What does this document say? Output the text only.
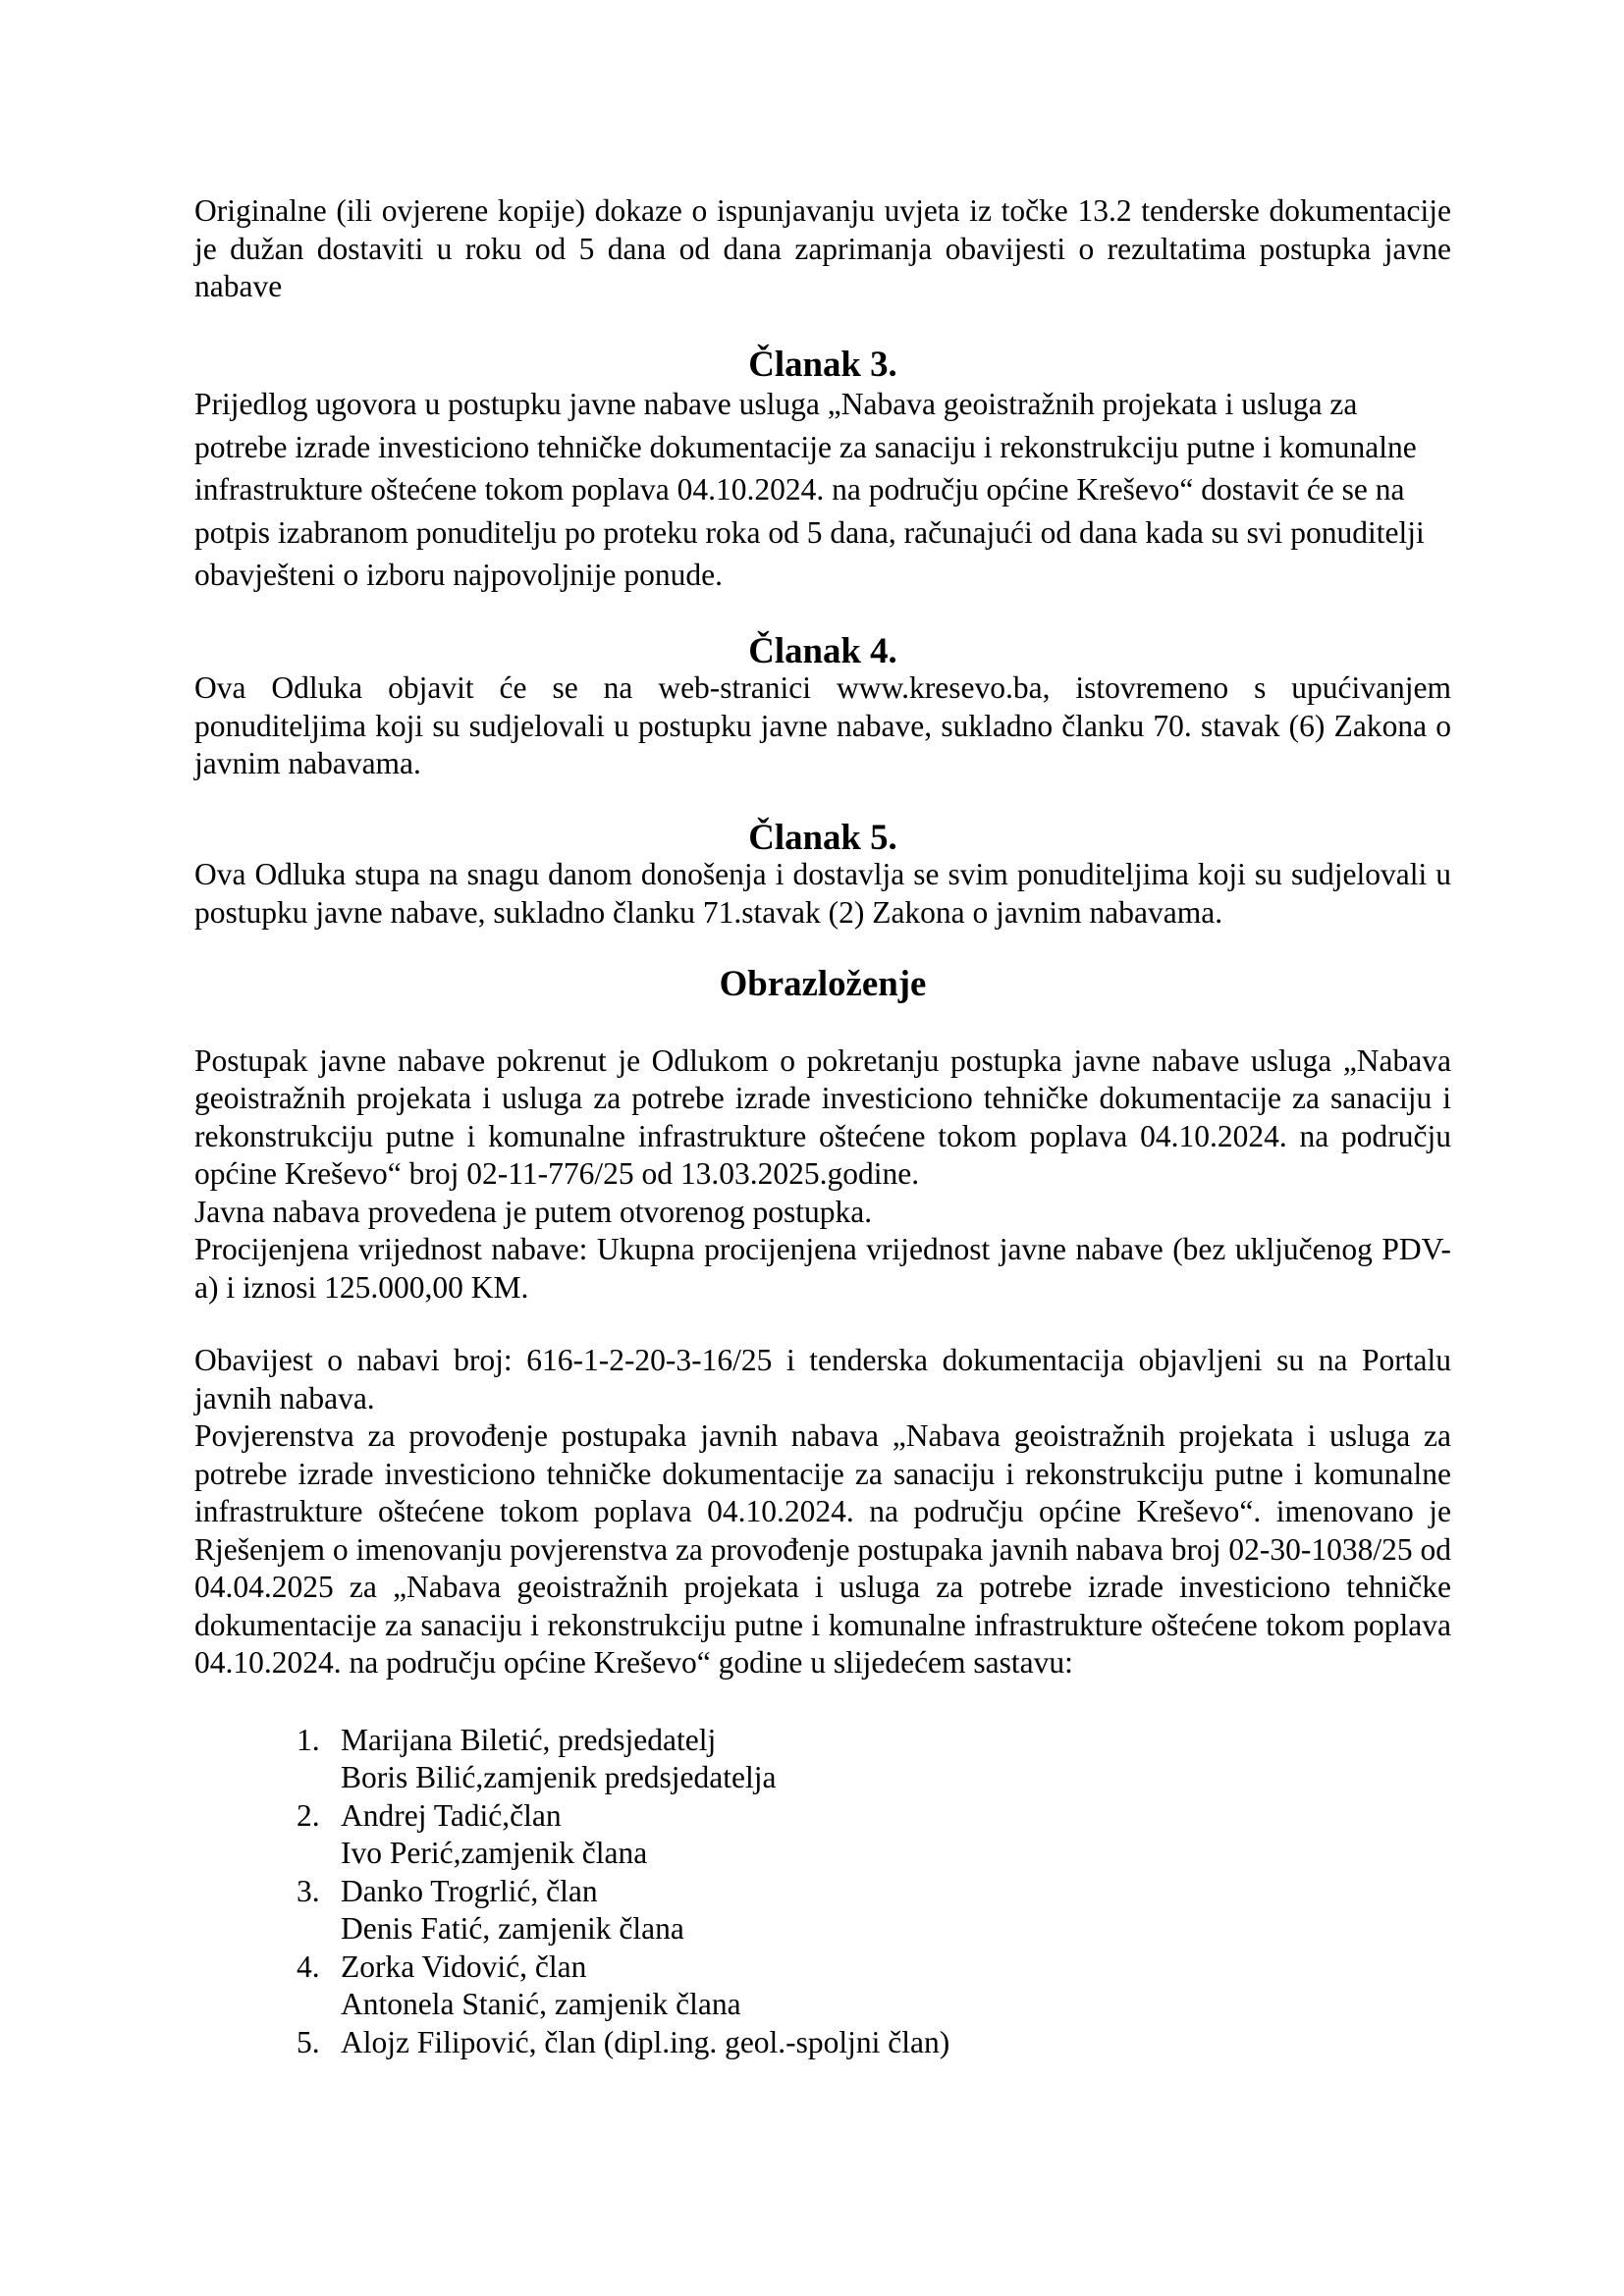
Originalne (ili ovjerene kopije) dokaze o ispunjavanju uvjeta iz točke 13.2 tenderske dokumentacije je dužan dostaviti u roku od 5 dana od dana zaprimanja obavijesti o rezultatima postupka javne nabave

Članak 3.

Prijedlog ugovora u postupku javne nabave usluga „Nabava geoistražnih projekata i usluga za potrebe izrade investiciono tehničke dokumentacije za sanaciju i rekonstrukciju putne i komunalne infrastrukture oštećene tokom poplava 04.10.2024. na području općine Kreševo“ dostavit će se na potpis izabranom ponuditelju po proteku roka od 5 dana, računajući od dana kada su svi ponuditelji obavješteni o izboru najpovoljnije ponude.

Članak 4.

Ova Odluka objavit će se na web-stranici www.kresevo.ba, istovremeno s upućivanjem ponuditeljima koji su sudjelovali u postupku javne nabave, sukladno članku 70. stavak (6) Zakona o javnim nabavama.

Članak 5.

Ova Odluka stupa na snagu danom donošenja i dostavlja se svim ponuditeljima koji su sudjelovali u postupku javne nabave, sukladno članku 71.stavak (2) Zakona o javnim nabavama.

Obrazloženje

Postupak javne nabave pokrenut je Odlukom o pokretanju postupka javne nabave usluga „Nabava geoistražnih projekata i usluga za potrebe izrade investiciono tehničke dokumentacije za sanaciju i rekonstrukciju putne i komunalne infrastrukture oštećene tokom poplava 04.10.2024. na području općine Kreševo“ broj 02-11-776/25 od 13.03.2025.godine.

Javna nabava provedena je putem otvorenog postupka.

Procijenjena vrijednost nabave: Ukupna procijenjena vrijednost javne nabave (bez uključenog PDV-a) i iznosi 125.000,00 KM.

Obavijest o nabavi broj: 616-1-2-20-3-16/25 i tenderska dokumentacija objavljeni su na Portalu javnih nabava.

Povjerenstva za provođenje postupaka javnih nabava „Nabava geoistražnih projekata i usluga za potrebe izrade investiciono tehničke dokumentacije za sanaciju i rekonstrukciju putne i komunalne infrastrukture oštećene tokom poplava 04.10.2024. na području općine Kreševo“. imenovano je Rješenjem o imenovanju povjerenstva za provođenje postupaka javnih nabava broj 02-30-1038/25 od 04.04.2025 za „Nabava geoistražnih projekata i usluga za potrebe izrade investiciono tehničke dokumentacije za sanaciju i rekonstrukciju putne i komunalne infrastrukture oštećene tokom poplava 04.10.2024. na području općine Kreševo“ godine u slijedećem sastavu:

1. Marijana Biletić, predsjedatelj
Boris Bilić,zamjenik predsjedatelja
2. Andrej Tadić,član
Ivo Perić,zamjenik člana
3. Danko Trogrlić, član
Denis Fatić, zamjenik člana
4. Zorka Vidović, član
Antonela Stanić, zamjenik člana
5. Alojz Filipović, član (dipl.ing. geol.-spoljni član)
